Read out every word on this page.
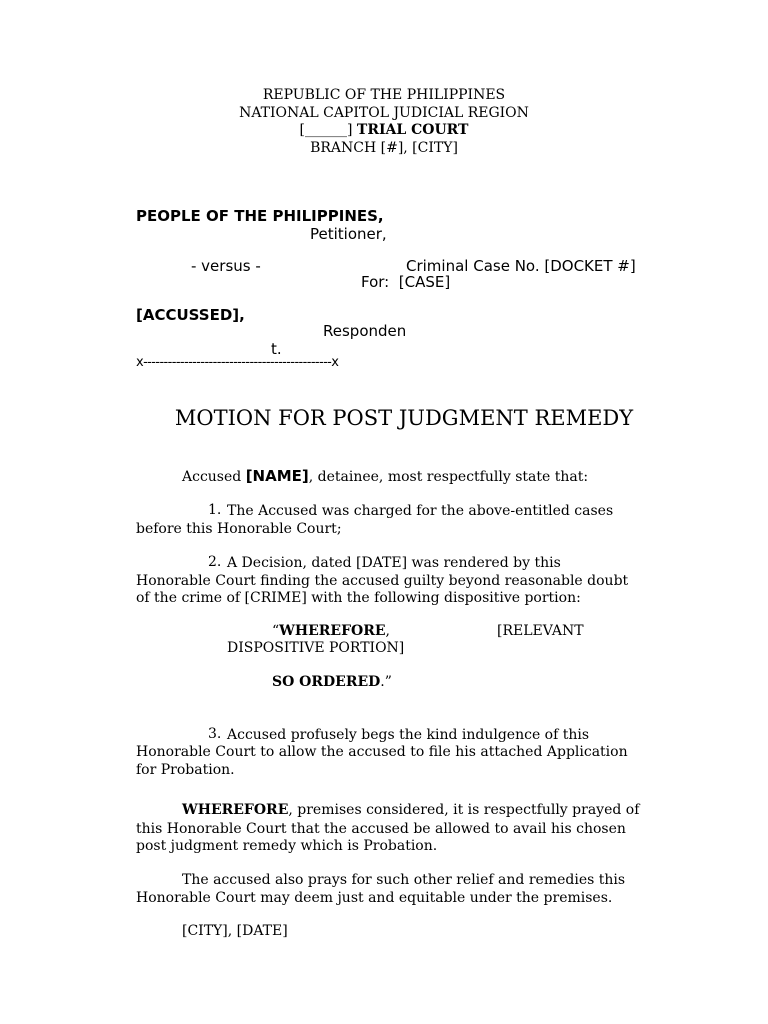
REPUBLIC OF THE PHILIPPINES
NATIONAL CAPITOL JUDICIAL REGION
[______] TRIAL COURT
BRANCH [#], [CITY]
PEOPLE OF THE PHILIPPINES,
Petitioner,
- versus -	Criminal Case No. [DOCKET #]
For: [CASE]
[ACCUSSED],
Responden
t.
x----------------------------------------------x
MOTION FOR POST JUDGMENT REMEDY
Accused [NAME], detainee, most respectfully state that:
1. The Accused was charged for the above-entitled cases
before this Honorable Court;
2. A Decision, dated [DATE] was rendered by this
Honorable Court finding the accused guilty beyond reasonable doubt
of the crime of [CRIME] with the following dispositive portion:
“WHEREFORE,	[RELEVANT
DISPOSITIVE PORTION]
SO ORDERED.”
3. Accused profusely begs the kind indulgence of this
Honorable Court to allow the accused to file his attached Application
for Probation.
WHEREFORE, premises considered, it is respectfully prayed of
this Honorable Court that the accused be allowed to avail his chosen
post judgment remedy which is Probation.
The accused also prays for such other relief and remedies this
Honorable Court may deem just and equitable under the premises.
[CITY], [DATE]
